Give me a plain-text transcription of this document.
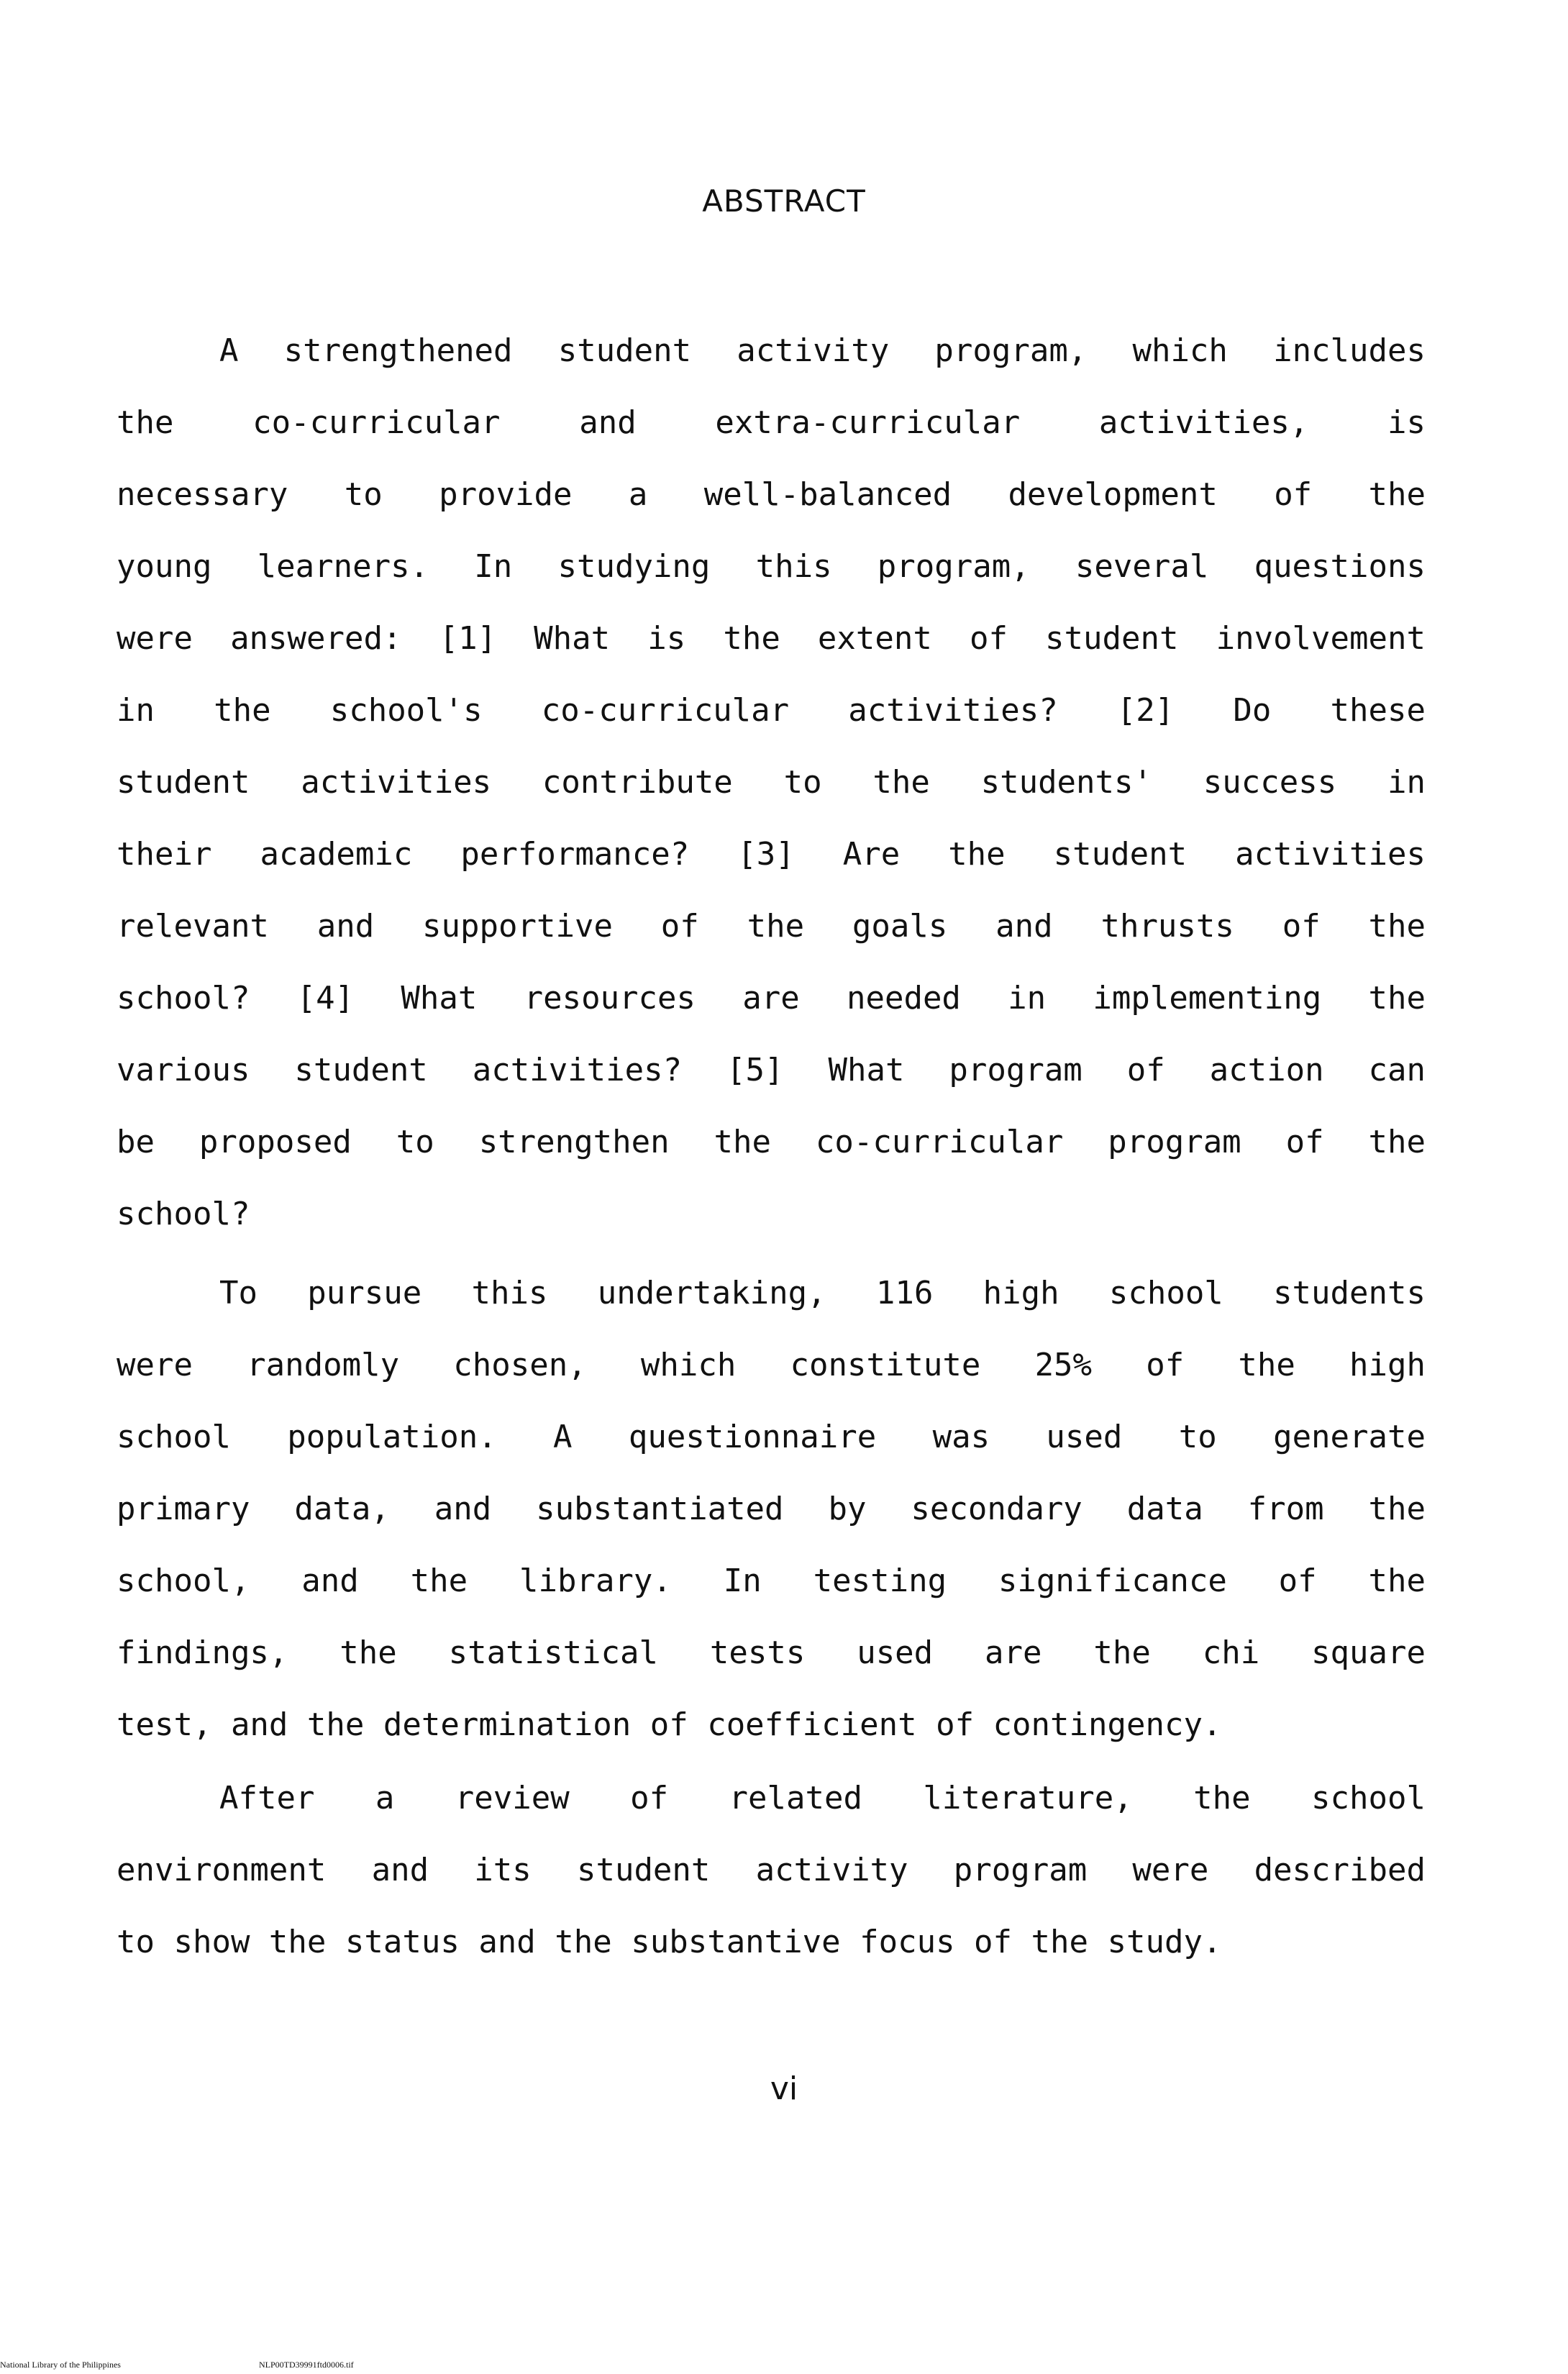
ABSTRACT
A strengthened student activity program, which includes
the co-curricular and extra-curricular activities, is
necessary to provide a well-balanced development of the
young learners. In studying this program, several questions
were answered: [1] What is the extent of student involvement
in the school's co-curricular activities? [2] Do these
student activities contribute to the students' success in
their academic performance? [3] Are the student activities
relevant and supportive of the goals and thrusts of the
school? [4] What resources are needed in implementing the
various student activities? [5] What program of action can
be proposed to strengthen the co-curricular program of the
school?
To pursue this undertaking, 116 high school students
were randomly chosen, which constitute 25% of the high
school population. A questionnaire was used to generate
primary data, and substantiated by secondary data from the
school, and the library. In testing significance of the
findings, the statistical tests used are the chi square
test, and the determination of coefficient of contingency.
After a review of related literature, the school
environment and its student activity program were described
to show the status and the substantive focus of the study.
vi
National Library of the Philippines	NLP00TD39991ftd0006.tif
